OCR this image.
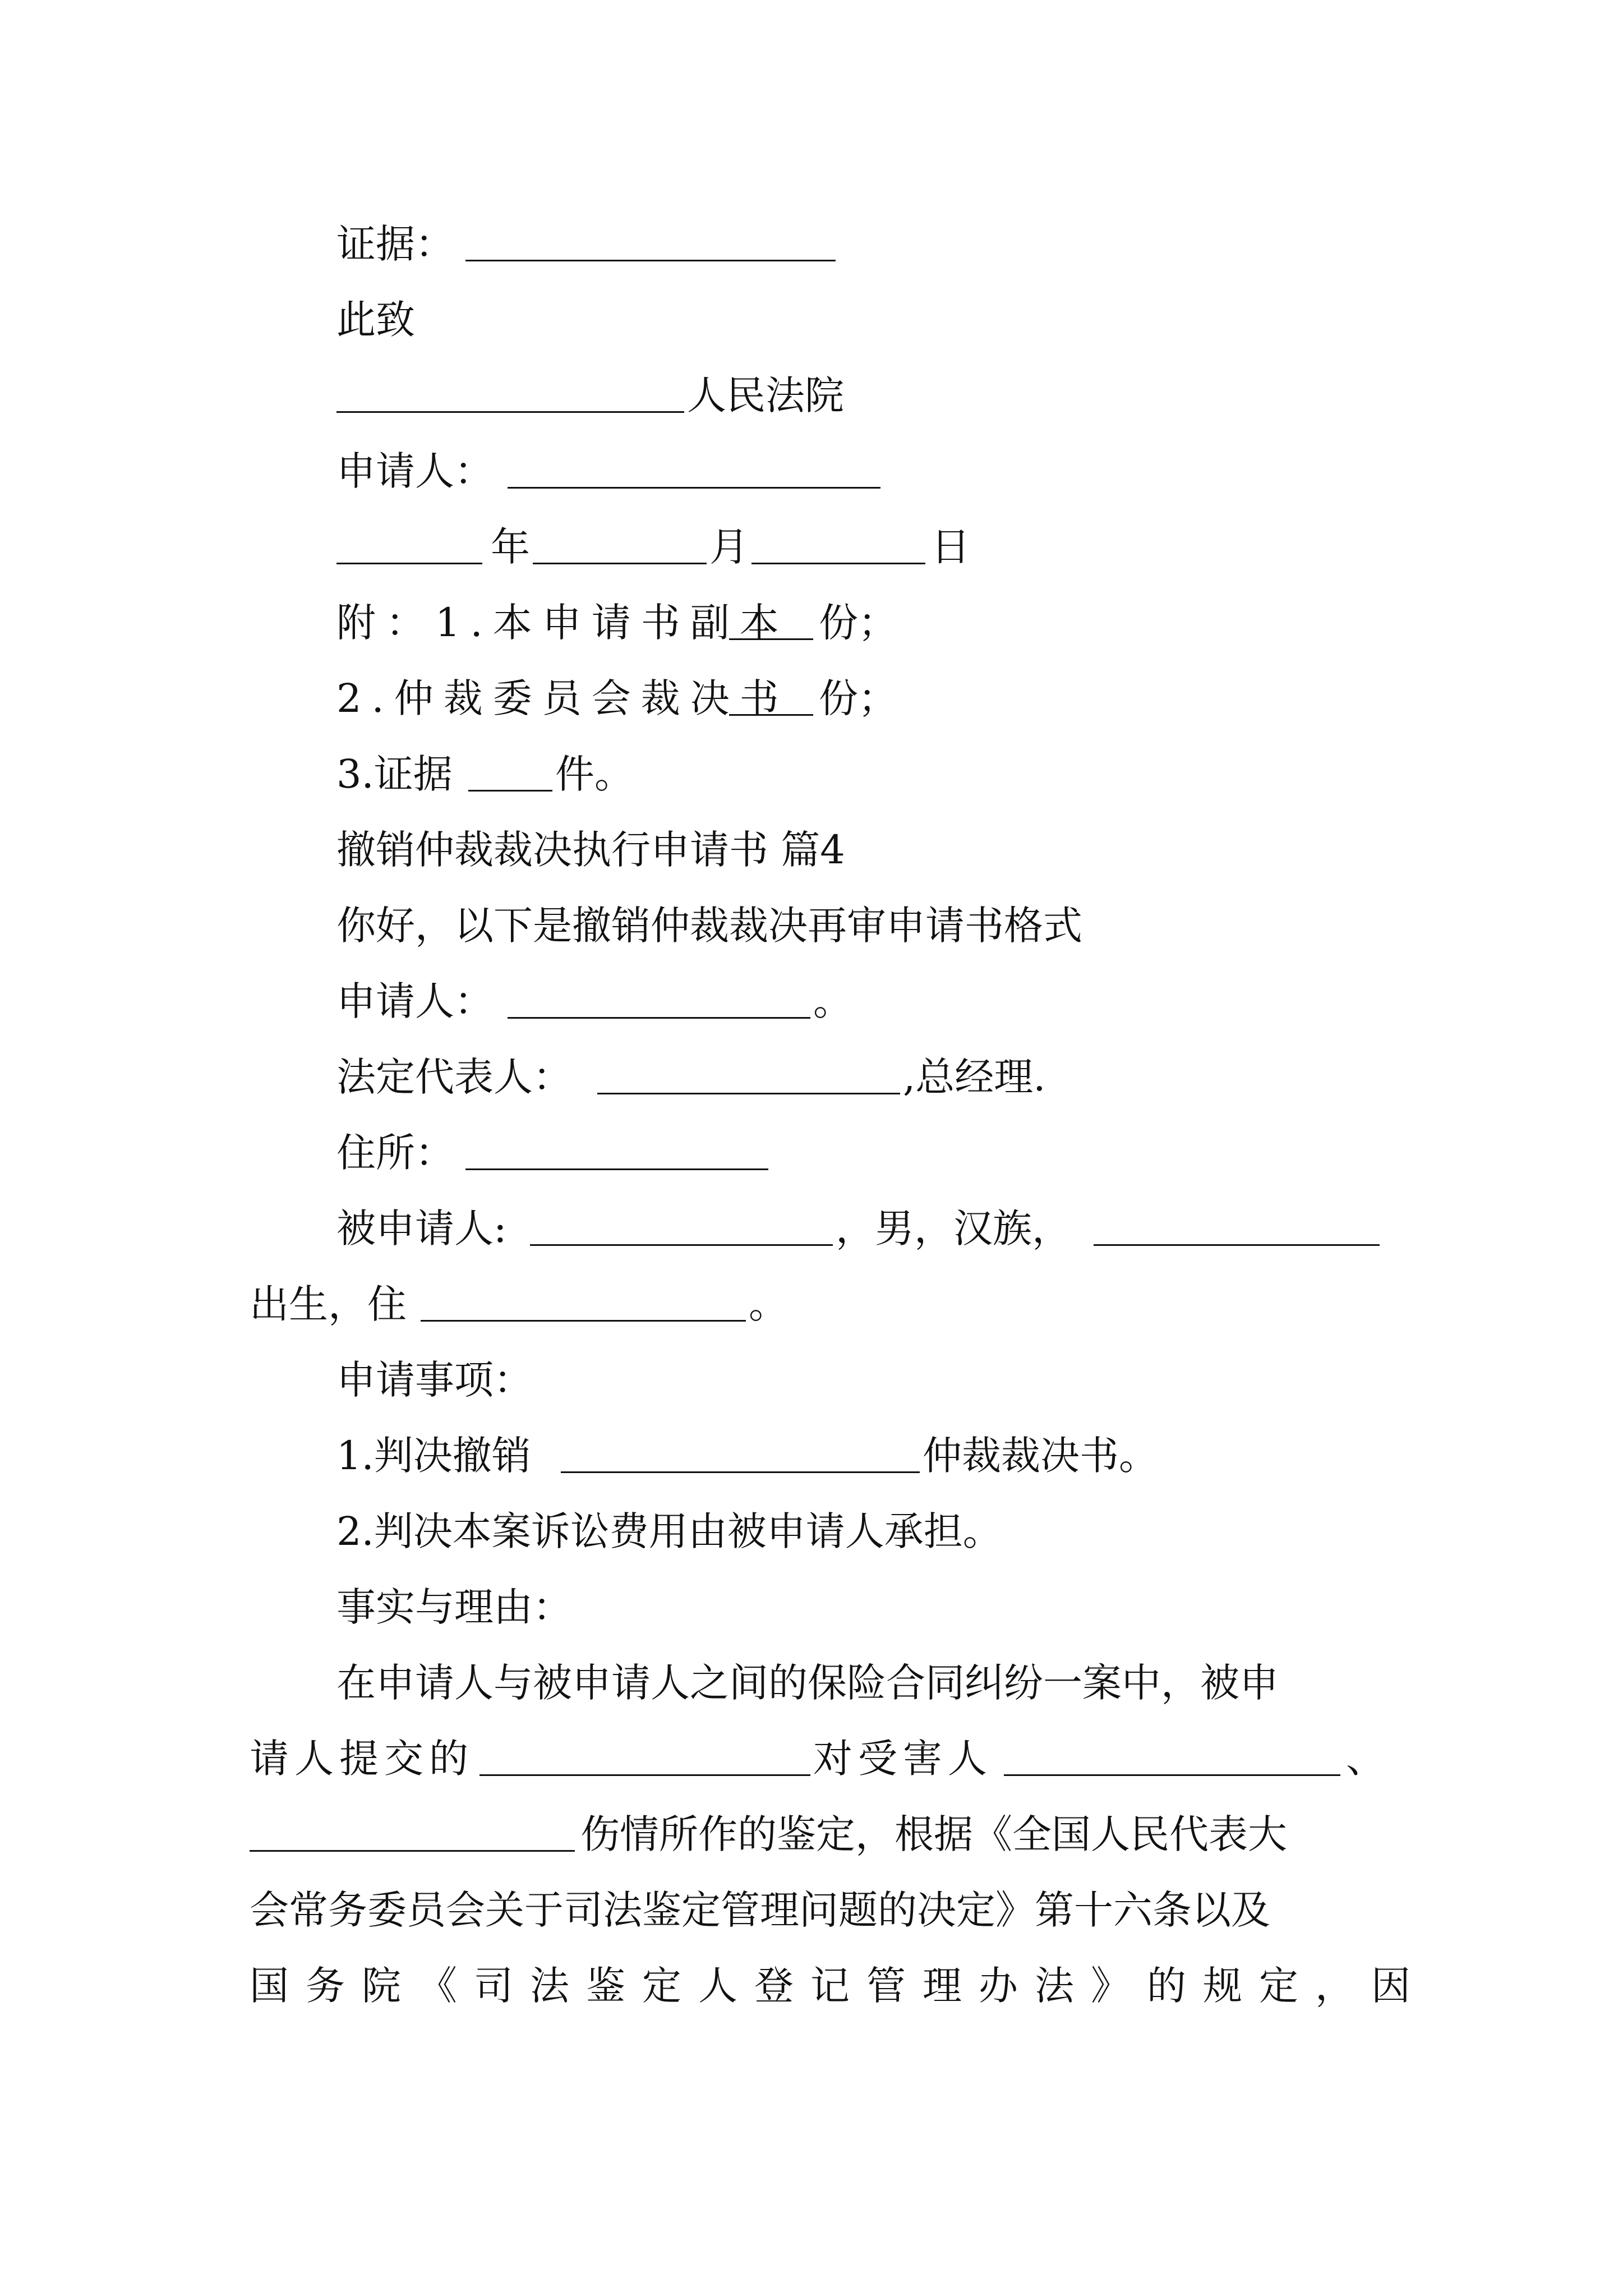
证据：
此致
人民法院
申请人：
年	月	日
附：1.本申请书副本 份；
2.仲裁委员会裁决书 份；
3.证据	件。
撤销仲裁裁决执行申请书 篇4
你好，以下是撤销仲裁裁决再审申请书格式
申请人：	。
法定代表人：	,总经理.
住所：
被申请人:	，男，汉族，
出生，住	。
申请事项：
1.判决撤销	仲裁裁决书。
2.判决本案诉讼费用由被申请人承担。
事实与理由：
在申请人与被申请人之间的保险合同纠纷一案中，被申
请人提交的	对受害人	、
伤情所作的鉴定，根据《全国人民代表大
会常务委员会关于司法鉴定管理问题的决定》第十六条以及
国务院《司法鉴定人登记管理办法》的规定，因
